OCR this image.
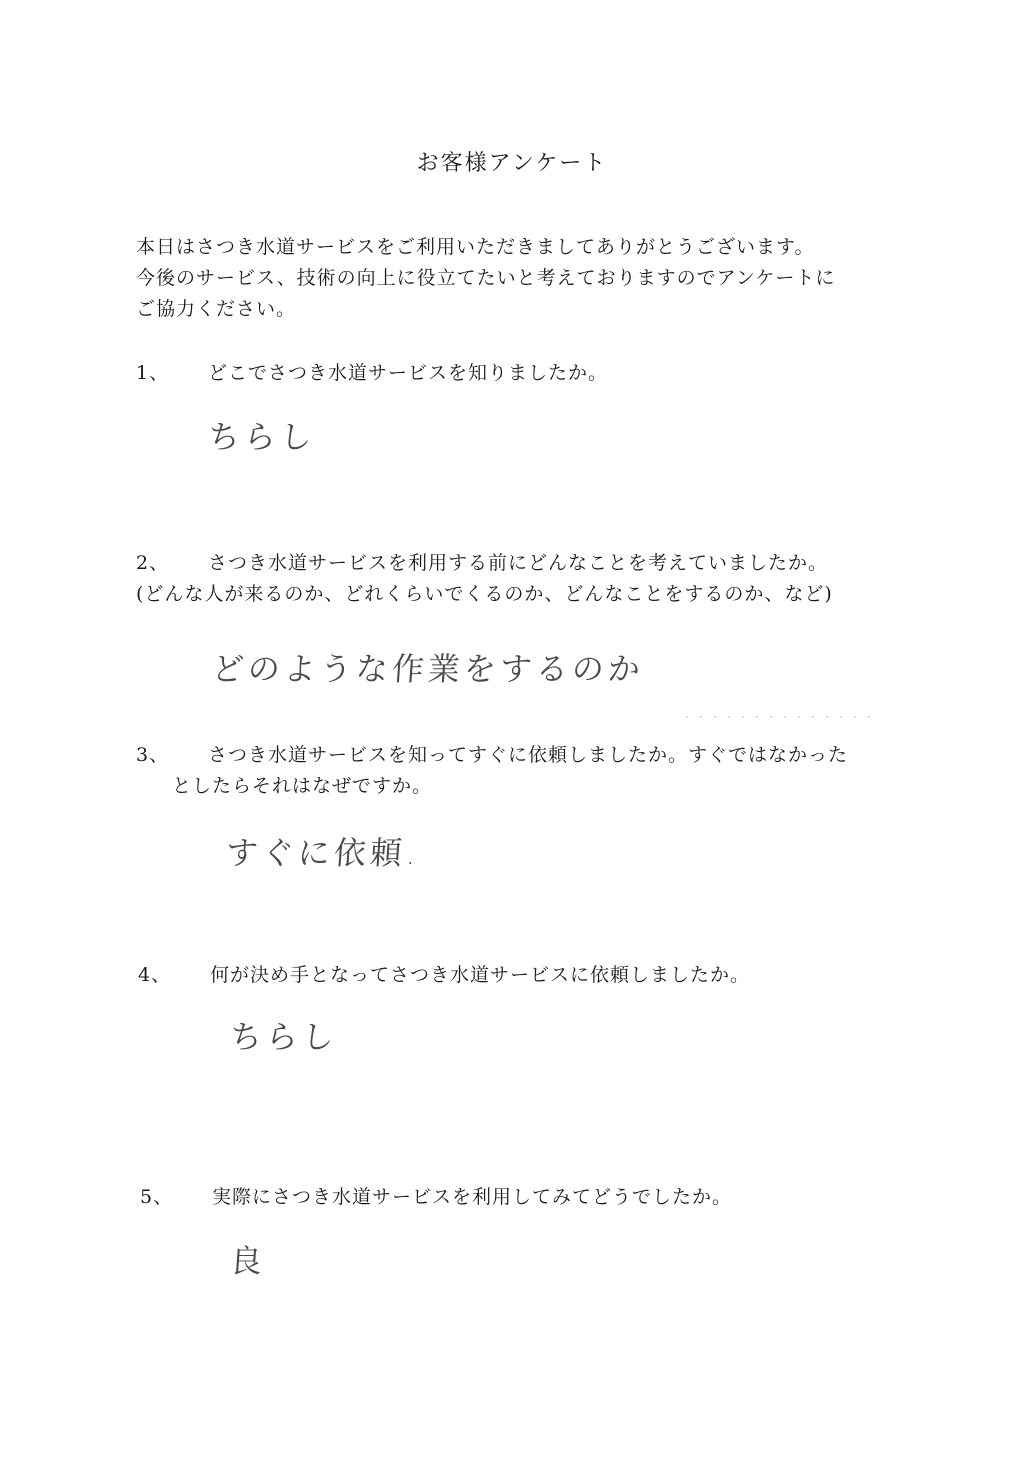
お客様アンケート
本日はさつき水道サービスをご利用いただきましてありがとうございます。
今後のサービス、技術の向上に役立てたいと考えておりますのでアンケートに
ご協力ください。
1、 どこでさつき水道サービスを知りましたか。
ちらし
2、 さつき水道サービスを利用する前にどんなことを考えていましたか。
(どんな人が来るのか、どれくらいでくるのか、どんなことをするのか、など)
どのような作業をするのか
3、 さつき水道サービスを知ってすぐに依頼しましたか。すぐではなかった
としたらそれはなぜですか。
すぐに依頼.
4、 何が決め手となってさつき水道サービスに依頼しましたか。
ちらし
5、 実際にさつき水道サービスを利用してみてどうでしたか。
良
